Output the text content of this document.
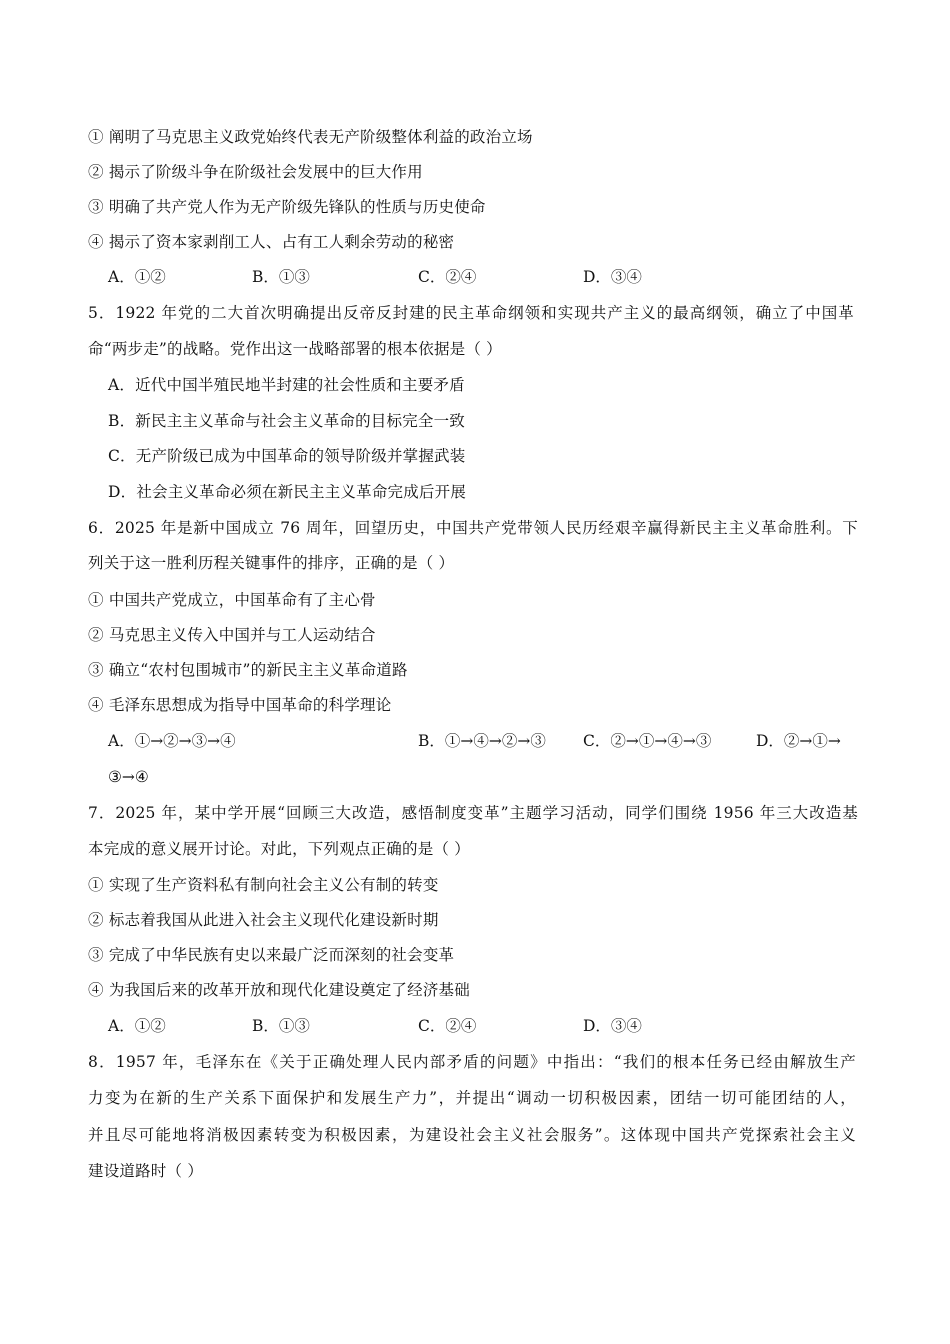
① 阐明了马克思主义政党始终代表无产阶级整体利益的政治立场
② 揭示了阶级斗争在阶级社会发展中的巨大作用
③ 明确了共产党人作为无产阶级先锋队的性质与历史使命
④ 揭示了资本家剥削工人、占有工人剩余劳动的秘密
A．①②	B．①③	C．②④	D．③④
5．1922 年党的二大首次明确提出反帝反封建的民主革命纲领和实现共产主义的最高纲领，确立了中国革
命“两步走”的战略。党作出这一战略部署的根本依据是（ ）
A．近代中国半殖民地半封建的社会性质和主要矛盾
B．新民主主义革命与社会主义革命的目标完全一致
C．无产阶级已成为中国革命的领导阶级并掌握武装
D．社会主义革命必须在新民主主义革命完成后开展
6．2025 年是新中国成立 76 周年，回望历史，中国共产党带领人民历经艰辛赢得新民主主义革命胜利。下
列关于这一胜利历程关键事件的排序，正确的是（ ）
① 中国共产党成立，中国革命有了主心骨
② 马克思主义传入中国并与工人运动结合
③ 确立“农村包围城市”的新民主主义革命道路
④ 毛泽东思想成为指导中国革命的科学理论
A．①→②→③→④	B．①→④→②→③ C．②→①→④→③	D．②→①→
③→④
7．2025 年，某中学开展“回顾三大改造，感悟制度变革”主题学习活动，同学们围绕 1956 年三大改造基
本完成的意义展开讨论。对此，下列观点正确的是（ ）
① 实现了生产资料私有制向社会主义公有制的转变
② 标志着我国从此进入社会主义现代化建设新时期
③ 完成了中华民族有史以来最广泛而深刻的社会变革
④ 为我国后来的改革开放和现代化建设奠定了经济基础
A．①②	B．①③	C．②④	D．③④
8．1957 年，毛泽东在《关于正确处理人民内部矛盾的问题》中指出：“我们的根本任务已经由解放生产
力变为在新的生产关系下面保护和发展生产力”，并提出“调动一切积极因素，团结一切可能团结的人，
并且尽可能地将消极因素转变为积极因素，为建设社会主义社会服务”。这体现中国共产党探索社会主义
建设道路时（ ）
